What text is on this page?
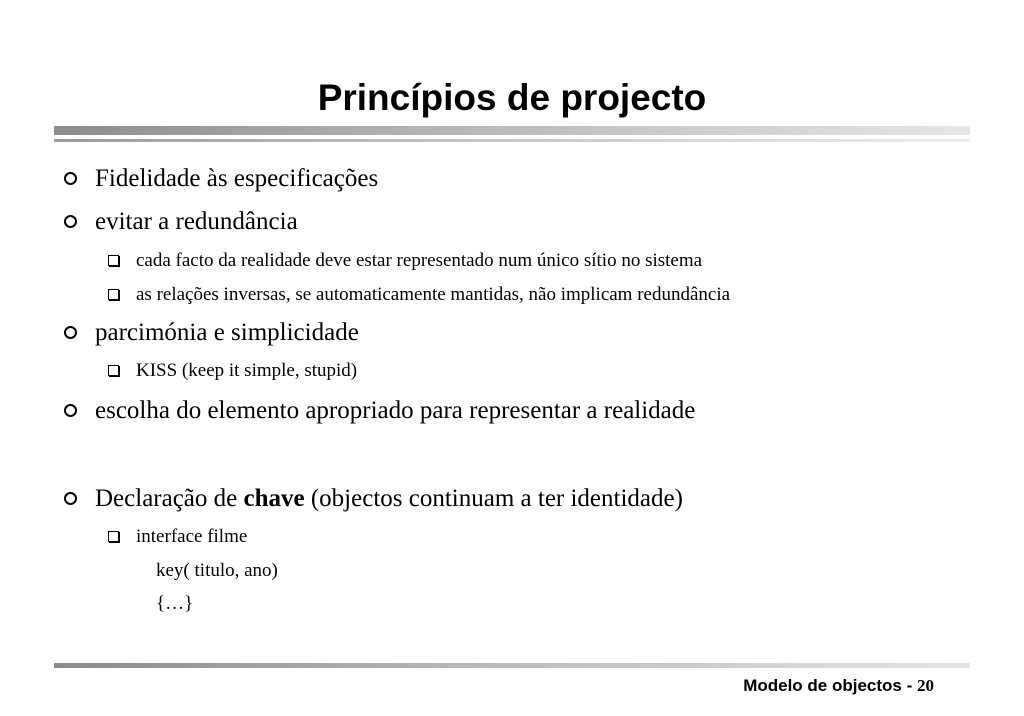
Princípios de projecto
Fidelidade às especificações
evitar a redundância
cada facto da realidade deve estar representado num único sítio no sistema
as relações inversas, se automaticamente mantidas, não implicam redundância
parcimónia e simplicidade
KISS (keep it simple, stupid)
escolha do elemento apropriado para representar a realidade
Declaração de chave (objectos continuam a ter identidade)
interface filme
key( titulo, ano)
{…}
Modelo de objectos - 20
